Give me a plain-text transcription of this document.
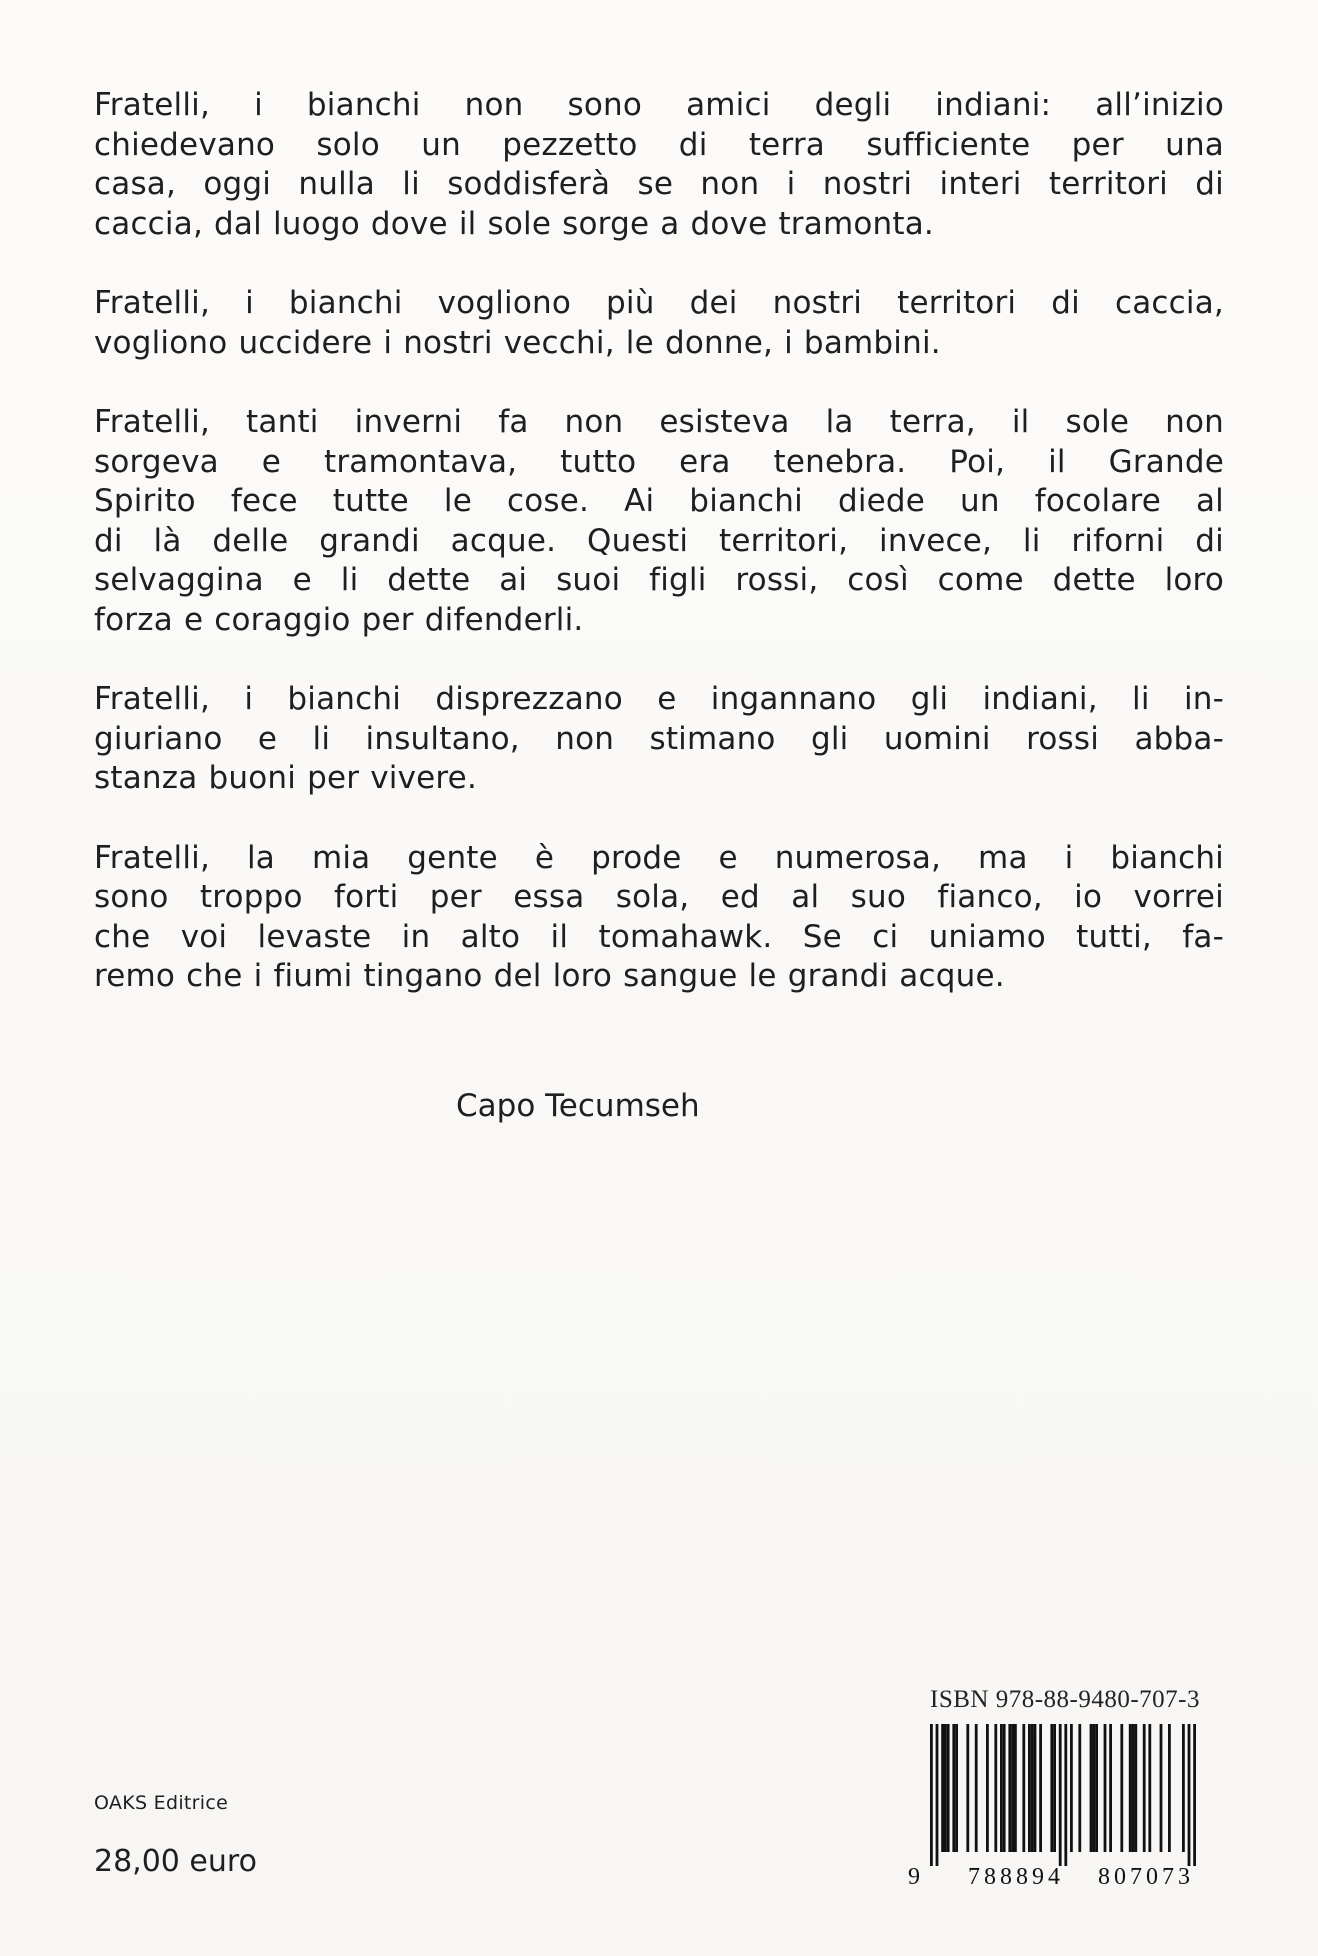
Fratelli, i bianchi non sono amici degli indiani: all’inizio
chiedevano solo un pezzetto di terra sufficiente per una
casa, oggi nulla li soddisferà se non i nostri interi territori di
caccia, dal luogo dove il sole sorge a dove tramonta.

Fratelli, i bianchi vogliono più dei nostri territori di caccia,
vogliono uccidere i nostri vecchi, le donne, i bambini.

Fratelli, tanti inverni fa non esisteva la terra, il sole non
sorgeva e tramontava, tutto era tenebra. Poi, il Grande
Spirito fece tutte le cose. Ai bianchi diede un focolare al
di là delle grandi acque. Questi territori, invece, li riforni di
selvaggina e li dette ai suoi figli rossi, così come dette loro
forza e coraggio per difenderli.

Fratelli, i bianchi disprezzano e ingannano gli indiani, li in-
giuriano e li insultano, non stimano gli uomini rossi abba-
stanza buoni per vivere.

Fratelli, la mia gente è prode e numerosa, ma i bianchi
sono troppo forti per essa sola, ed al suo fianco, io vorrei
che voi levaste in alto il tomahawk. Se ci uniamo tutti, fa-
remo che i fiumi tingano del loro sangue le grandi acque.

Capo Tecumseh
ISBN 978-88-9480-707-3
9 788894 807073
OAKS Editrice
28,00 euro
